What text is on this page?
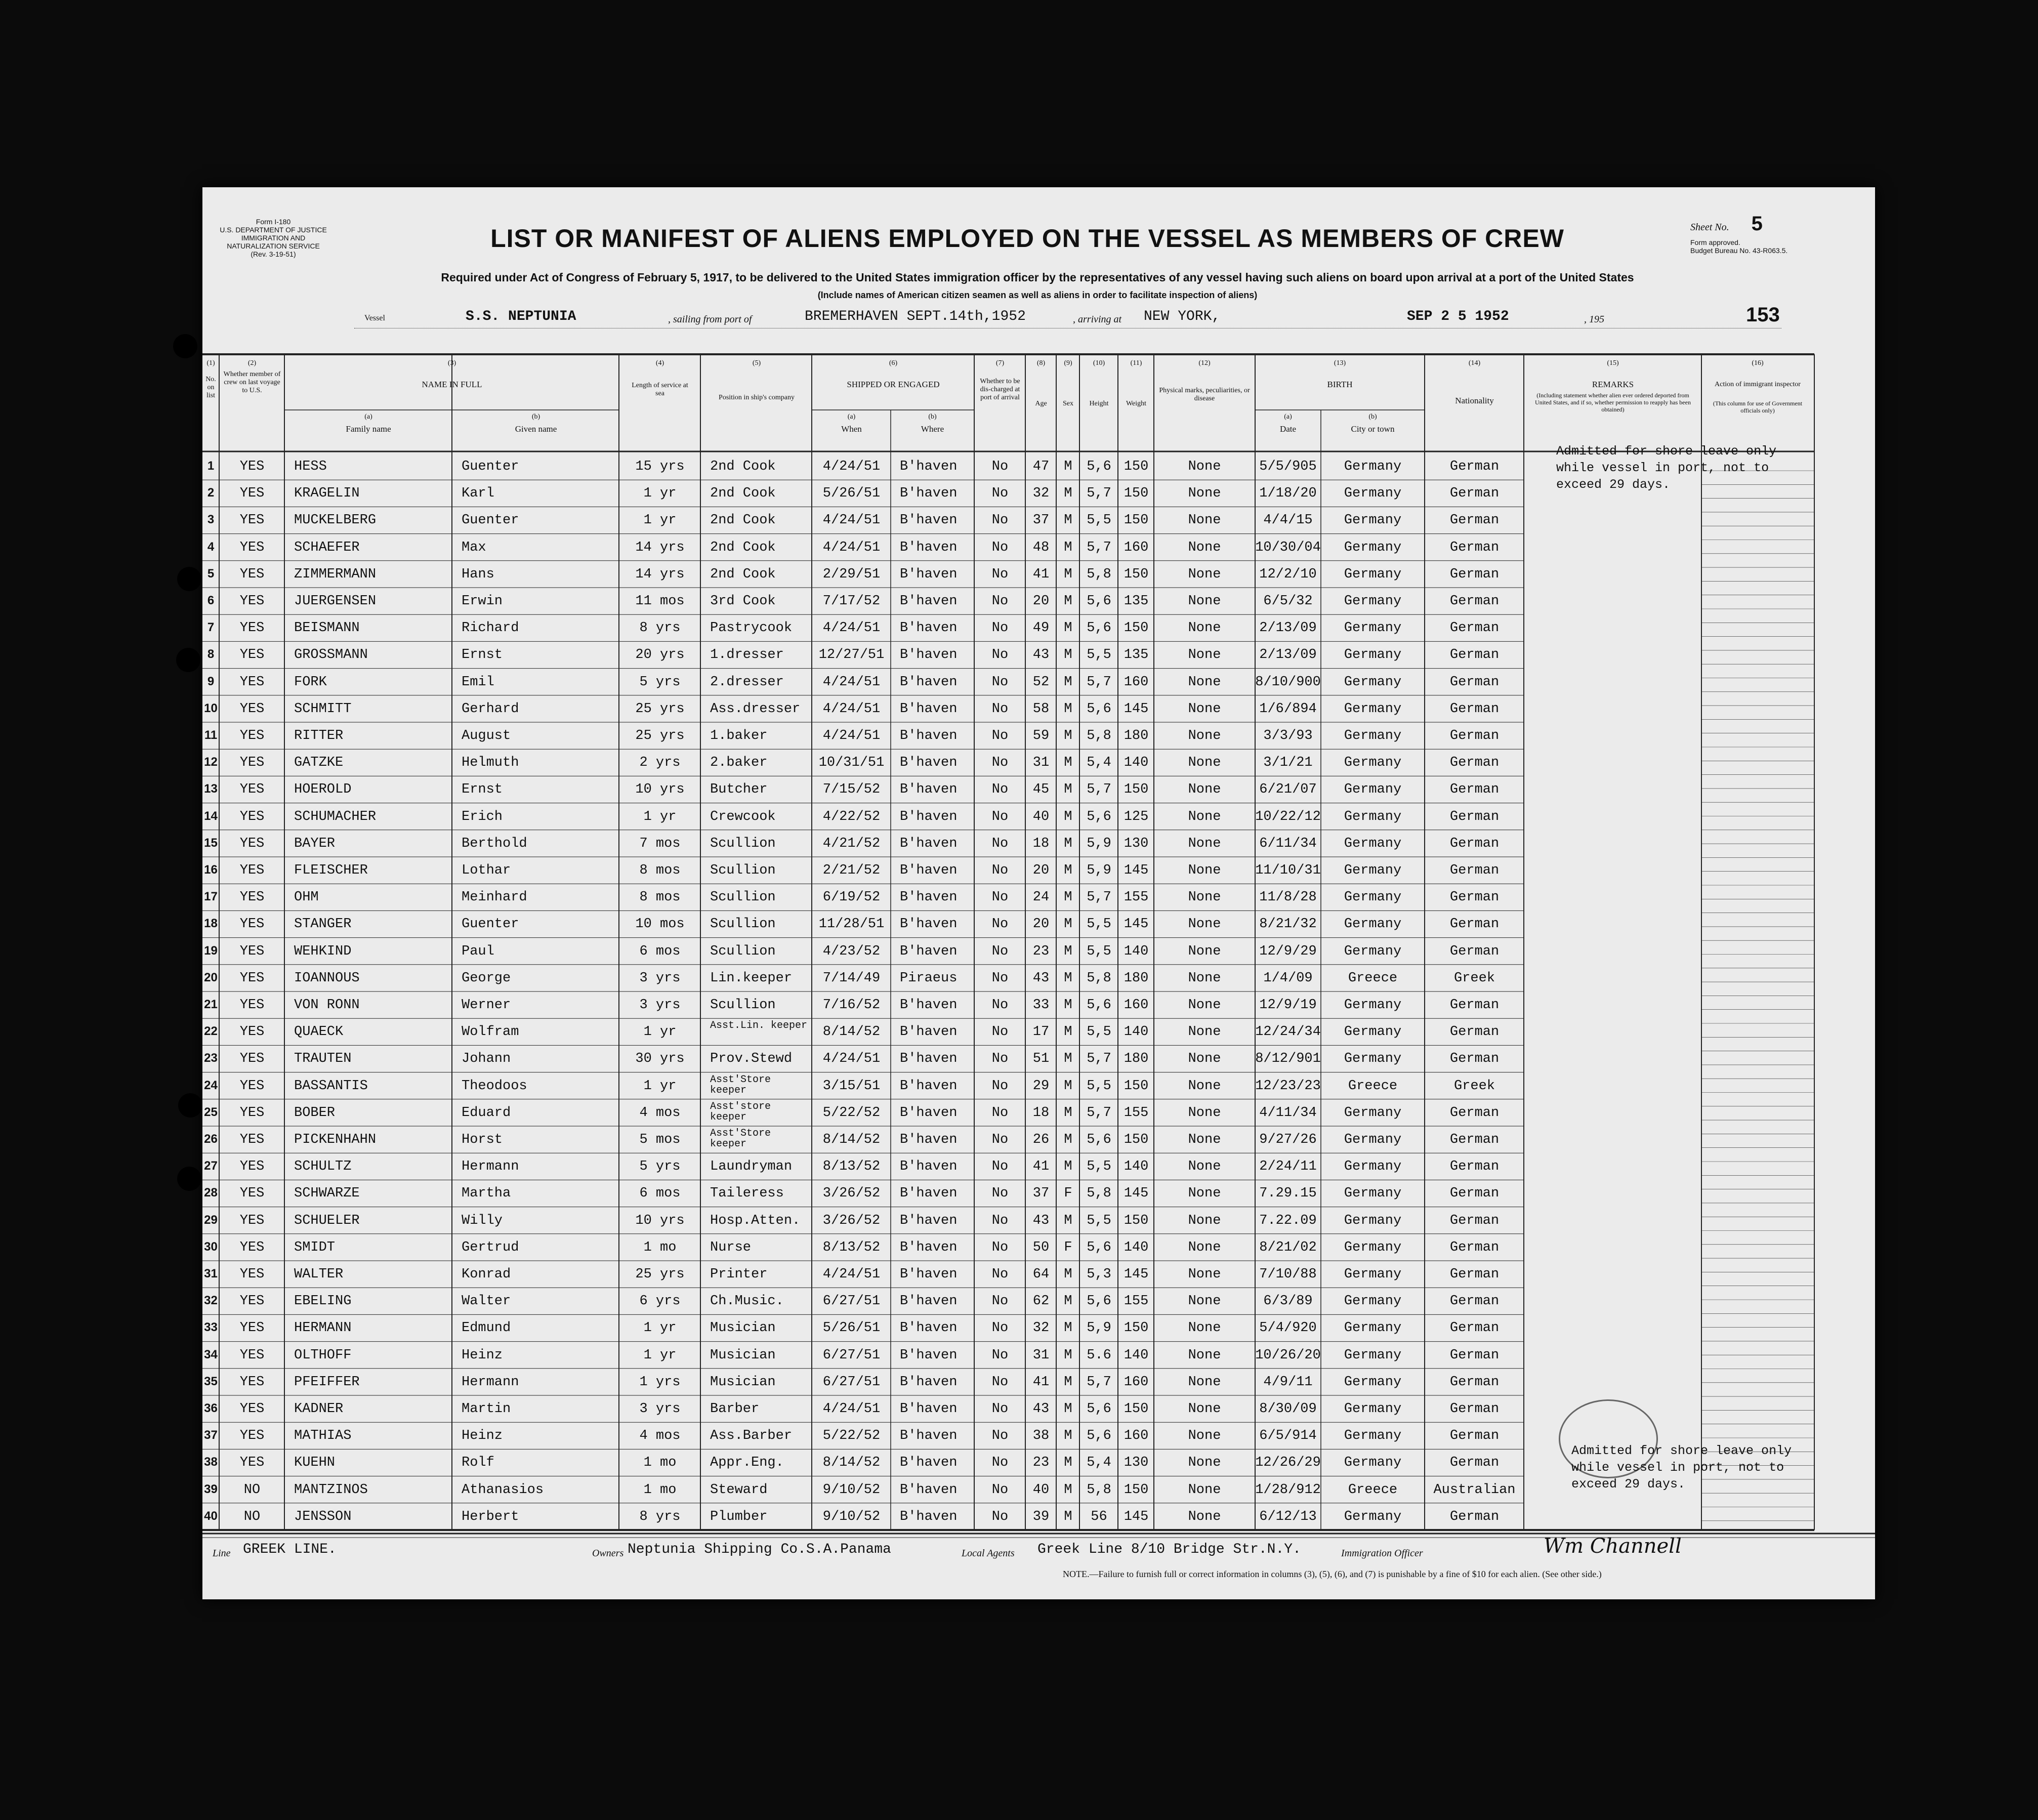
Form I-180
U.S. DEPARTMENT OF JUSTICE
IMMIGRATION AND NATURALIZATION SERVICE
(Rev. 3-19-51)
LIST OR MANIFEST OF ALIENS EMPLOYED ON THE VESSEL AS MEMBERS OF CREW
Required under Act of Congress of February 5, 1917, to be delivered to the United States immigration officer by the representatives of any vessel having such aliens on board upon arrival at a port of the United States
(Include names of American citizen seamen as well as aliens in order to facilitate inspection of aliens)
Sheet No. 5
Form approved.
Budget Bureau No. 43-R063.5.
153
Vessel	S.S. NEPTUNIA	, sailing from port of	BREMERHAVEN SEPT.14th,1952	, arriving at NEW YORK,	SEP 2 5 1952	, 195
(1)
No. on list
(2)
Whether member of crew on last voyage to U.S.
(3)
NAME IN FULL
(a)
Family name
(b)
Given name
(4)
Length of service at sea
(5)
Position in ship's company
(6)
SHIPPED OR ENGAGED
(a)
When
(b)
Where
(7)
Whether to be dis-charged at port of arrival
(8)
Age
(9)
Sex
(10)
Height
(11)
Weight
(12)
Physical marks, peculiarities, or disease
(13)
BIRTH
(a)
Date
(b)
City or town
(14)
Nationality
(15)
REMARKS
(Including statement whether alien ever ordered deported from United States, and if so, whether permission to reapply has been obtained)
(16)
Action of immigrant inspector
(This column for use of Government officials only)
1	YES	HESS	Guenter	15 yrs	2nd Cook	4/24/51	B'haven	No	47	M	5,6 150	None	5/5/905	Germany	German
2	YES	KRAGELIN	Karl	1 yr	2nd Cook	5/26/51	B'haven	No	32	M	5,7 150	None	1/18/20	Germany	German
3	YES	MUCKELBERG	Guenter	1 yr	2nd Cook	4/24/51	B'haven	No	37	M	5,5 150	None	4/4/15	Germany	German
4	YES	SCHAEFER	Max	14 yrs	2nd Cook	4/24/51	B'haven	No	48	M	5,7 160	None	10/30/04	Germany	German
5	YES	ZIMMERMANN	Hans	14 yrs	2nd Cook	2/29/51	B'haven	No	41	M	5,8 150	None	12/2/10	Germany	German
6	YES	JUERGENSEN	Erwin	11 mos	3rd Cook	7/17/52	B'haven	No	20	M	5,6 135	None	6/5/32	Germany	German
7	YES	BEISMANN	Richard	8 yrs	Pastrycook	4/24/51	B'haven	No	49	M	5,6 150	None	2/13/09	Germany	German
8	YES	GROSSMANN	Ernst	20 yrs	1.dresser	12/27/51	B'haven	No	43	M	5,5 135	None	2/13/09	Germany	German
9	YES	FORK	Emil	5 yrs	2.dresser	4/24/51	B'haven	No	52	M	5,7 160	None	8/10/900	Germany	German
10	YES	SCHMITT	Gerhard	25 yrs	Ass.dresser	4/24/51	B'haven	No	58	M	5,6 145	None	1/6/894	Germany	German
11	YES	RITTER	August	25 yrs	1.baker	4/24/51	B'haven	No	59	M	5,8 180	None	3/3/93	Germany	German
12	YES	GATZKE	Helmuth	2 yrs	2.baker	10/31/51	B'haven	No	31	M	5,4 140	None	3/1/21	Germany	German
13	YES	HOEROLD	Ernst	10 yrs	Butcher	7/15/52	B'haven	No	45	M	5,7 150	None	6/21/07	Germany	German
14	YES	SCHUMACHER	Erich	1 yr	Crewcook	4/22/52	B'haven	No	40	M	5,6 125	None	10/22/12	Germany	German
15	YES	BAYER	Berthold	7 mos	Scullion	4/21/52	B'haven	No	18	M	5,9 130	None	6/11/34	Germany	German
16	YES	FLEISCHER	Lothar	8 mos	Scullion	2/21/52	B'haven	No	20	M	5,9 145	None	11/10/31	Germany	German
17	YES	OHM	Meinhard	8 mos	Scullion	6/19/52	B'haven	No	24	M	5,7 155	None	11/8/28	Germany	German
18	YES	STANGER	Guenter	10 mos	Scullion	11/28/51	B'haven	No	20	M	5,5 145	None	8/21/32	Germany	German
19	YES	WEHKIND	Paul	6 mos	Scullion	4/23/52	B'haven	No	23	M	5,5 140	None	12/9/29	Germany	German
20	YES	IOANNOUS	George	3 yrs	Lin.keeper	7/14/49	Piraeus	No	43	M	5,8 180	None	1/4/09	Greece	Greek
21	YES	VON RONN	Werner	3 yrs	Scullion	7/16/52	B'haven	No	33	M	5,6 160	None	12/9/19	Germany	German
22	YES	QUAECK	Wolfram	1 yr	Asst.Lin. keeper	8/14/52	B'haven	No	17	M	5,5 140	None	12/24/34	Germany	German
23	YES	TRAUTEN	Johann	30 yrs	Prov.Stewd	4/24/51	B'haven	No	51	M	5,7 180	None	8/12/901	Germany	German
24	YES	BASSANTIS	Theodoos	1 yr	Asst'Store keeper	3/15/51	B'haven	No	29	M	5,5 150	None	12/23/23	Greece	Greek
25	YES	BOBER	Eduard	4 mos	Asst'store keeper	5/22/52	B'haven	No	18	M	5,7 155	None	4/11/34	Germany	German
26	YES	PICKENHAHN	Horst	5 mos	Asst'Store keeper	8/14/52	B'haven	No	26	M	5,6 150	None	9/27/26	Germany	German
27	YES	SCHULTZ	Hermann	5 yrs	Laundryman	8/13/52	B'haven	No	41	M	5,5 140	None	2/24/11	Germany	German
28	YES	SCHWARZE	Martha	6 mos	Taileress	3/26/52	B'haven	No	37	F	5,8 145	None	7.29.15	Germany	German
29	YES	SCHUELER	Willy	10 yrs	Hosp.Atten.	3/26/52	B'haven	No	43	M	5,5 150	None	7.22.09	Germany	German
30	YES	SMIDT	Gertrud	1 mo	Nurse	8/13/52	B'haven	No	50	F	5,6 140	None	8/21/02	Germany	German
31	YES	WALTER	Konrad	25 yrs	Printer	4/24/51	B'haven	No	64	M	5,3 145	None	7/10/88	Germany	German
32	YES	EBELING	Walter	6 yrs	Ch.Music.	6/27/51	B'haven	No	62	M	5,6 155	None	6/3/89	Germany	German
33	YES	HERMANN	Edmund	1 yr	Musician	5/26/51	B'haven	No	32	M	5,9 150	None	5/4/920	Germany	German
34	YES	OLTHOFF	Heinz	1 yr	Musician	6/27/51	B'haven	No	31	M	5.6 140	None	10/26/20	Germany	German
35	YES	PFEIFFER	Hermann	1 yrs	Musician	6/27/51	B'haven	No	41	M	5,7 160	None	4/9/11	Germany	German
36	YES	KADNER	Martin	3 yrs	Barber	4/24/51	B'haven	No	43	M	5,6 150	None	8/30/09	Germany	German
37	YES	MATHIAS	Heinz	4 mos	Ass.Barber	5/22/52	B'haven	No	38	M	5,6 160	None	6/5/914	Germany	German
38	YES	KUEHN	Rolf	1 mo	Appr.Eng.	8/14/52	B'haven	No	23	M	5,4 130	None	12/26/29	Germany	German
39	NO	MANTZINOS	Athanasios	1 mo	Steward	9/10/52	B'haven	No	40	M	5,8 150	None	1/28/912	Greece	Australian
40	NO	JENSSON	Herbert	8 yrs	Plumber	9/10/52	B'haven	No	39	M	56	145	None	6/12/13	Germany	German
Admitted for shore leave only while vessel in port, not to exceed 29 days.
Admitted for shore leave only while vessel in port, not to exceed 29 days.
Line GREEK LINE.	Owners Neptunia Shipping Co.S.A.Panama	Local Agents Greek Line 8/10 Bridge Str.N.Y.	Immigration Officer	Wm Channell
NOTE.—Failure to furnish full or correct information in columns (3), (5), (6), and (7) is punishable by a fine of $10 for each alien. (See other side.)
